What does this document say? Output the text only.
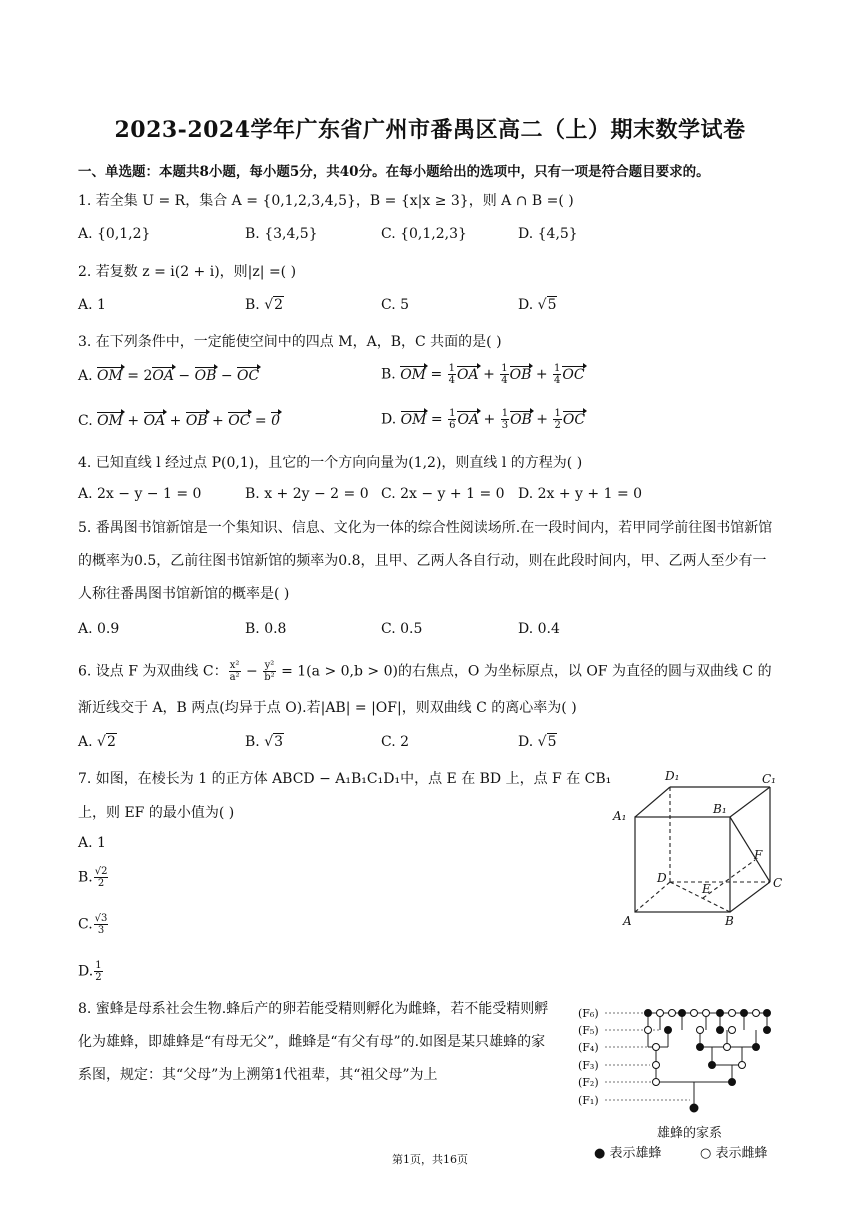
2023-2024学年广东省广州市番禺区高二（上）期末数学试卷
一、单选题：本题共8小题，每小题5分，共40分。在每小题给出的选项中，只有一项是符合题目要求的。
1. 若全集 U = R，集合 A = {0,1,2,3,4,5}，B = {x|x ≥ 3}，则 A ∩ B =( )
A. {0,1,2}	B. {3,4,5}	C. {0,1,2,3}	D. {4,5}
2. 若复数 z = i(2 + i)，则|z| =( )
A. 1	B. √2	C. 5	D. √5
3. 在下列条件中，一定能使空间中的四点 M，A，B，C 共面的是( )
A. OM = 2OA − OB − OC	B. OM = $\frac{1}{4}$ OA + $\frac{1}{4}$ OB + $\frac{1}{4}$ OC
C. OM + OA + OB + OC = 0	D. OM = $\frac{1}{6}$ OA + $\frac{1}{3}$ OB + $\frac{1}{2}$ OC
4. 已知直线 l 经过点 P(0,1)，且它的一个方向向量为(1,2)，则直线 l 的方程为( )
A. 2x − y − 1 = 0	B. x + 2y − 2 = 0 C. 2x − y + 1 = 0 D. 2x + y + 1 = 0
5. 番禺图书馆新馆是一个集知识、信息、文化为一体的综合性阅读场所.在一段时间内，若甲同学前往图书馆新馆的概率为0.5，乙前往图书馆新馆的频率为0.8，且甲、乙两人各自行动，则在此段时间内，甲、乙两人至少有一人称往番禺图书馆新馆的概率是( )
A. 0.9	B. 0.8	C. 0.5	D. 0.4
6. 设点 F 为双曲线 C： $\frac{\text{x²}}{\text{a²}} - \frac{\text{y²}}{\text{b²}} = 1(a > 0,b > 0)$的右焦点，O 为坐标原点，以 OF 为直径的圆与双曲线 C 的
渐近线交于 A，B 两点(均异于点 O).若|AB| = |OF|，则双曲线 C 的离心率为( )
A. √2	B. √3	C. 2	D. √5
7. 如图，在棱长为 1 的正方体 ABCD − A₁B₁C₁D₁中，点 E 在 BD 上，点 F 在 CB₁
上，则 EF 的最小值为( )
A. 1
B. $\frac{√2}{2}$
C. $\frac{√3}{3}$
D. $\frac{1}{2}$
D₁	C₁
A₁	B₁
F
D
E	C
A	B
8. 蜜蜂是母系社会生物.蜂后产的卵若能受精则孵化为雌蜂，若不能受精则孵化为雄蜂，即雄蜂是“有母无父”，雌蜂是“有父有母”的.如图是某只雄蜂的家系图，规定：其“父母”为上溯第1代祖辈，其“祖父母”为上
(F₆)
(F₅)
(F₄)
(F₃)
(F₂)
(F₁)
雄蜂的家系
● 表示雄蜂	○ 表示雌蜂
第1页，共16页
